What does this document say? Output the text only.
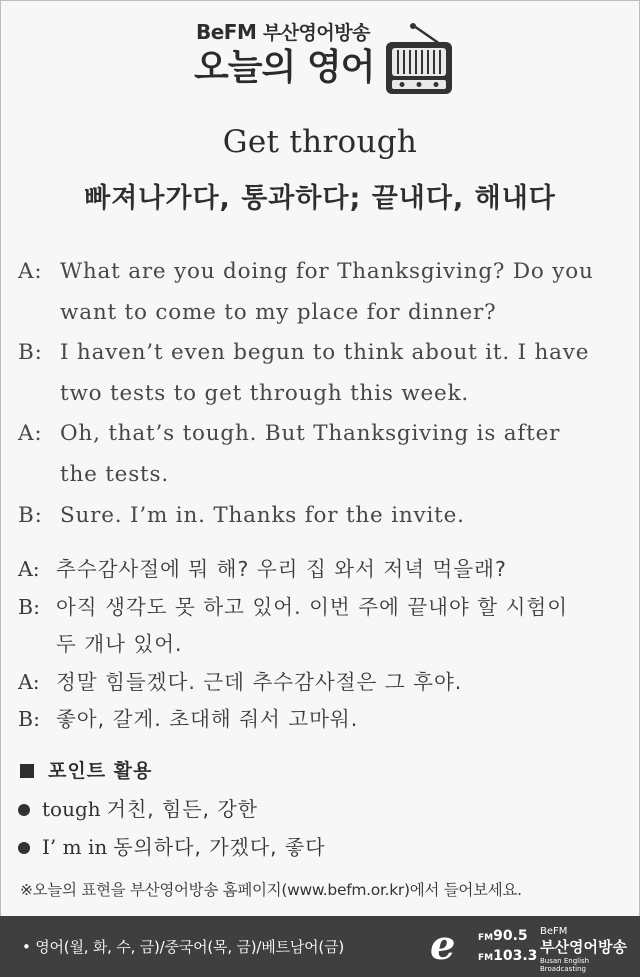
BeFM 부산영어방송
오늘의 영어
Get through
빠져나가다, 통과하다; 끝내다, 해내다
A: What are you doing for Thanksgiving? Do you
want to come to my place for dinner?
B: I haven’t even begun to think about it. I have
two tests to get through this week.
A: Oh, that’s tough. But Thanksgiving is after
the tests.
B: Sure. I’m in. Thanks for the invite.
A: 추수감사절에 뭐 해? 우리 집 와서 저녁 먹을래?
B: 아직 생각도 못 하고 있어. 이번 주에 끝내야 할 시험이
두 개나 있어.
A: 정말 힘들겠다. 근데 추수감사절은 그 후야.
B: 좋아, 갈게. 초대해 줘서 고마워.
포인트 활용
tough 거친, 힘든, 강한
I’ m in 동의하다, 가겠다, 좋다
※오늘의 표현을 부산영어방송 홈페이지(www.befm.or.kr)에서 들어보세요.
• 영어(월, 화, 수, 금)/중국어(목, 금)/베트남어(금) e	FM90.5
FM103.3
BeFM
부산영어방송
Busan English Broadcasting
